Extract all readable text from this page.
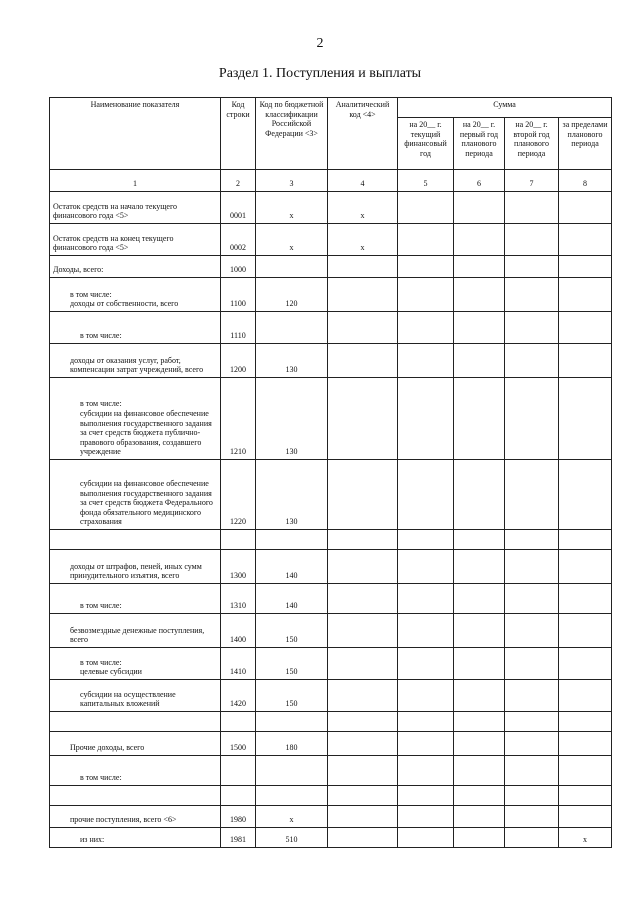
2
Раздел 1. Поступления и выплаты
Наименование показателя	Код строки	Код по бюджетной классификации Российской Федерации <3>	Аналитический код <4>	Сумма			
				на 20__ г. текущий финансовый год	на 20__ г. первый год планового периода	на 20__ г. второй год планового периода	за пределами планового периода
1	2	3	4	5	6	7	8

Остаток средств на начало текущего финансового года <5>	0001	х	х				

Остаток средств на конец текущего финансового года <5>	0002	х	х				

Доходы, всего:	1000						

в том числе:
доходы от собственности, всего	1100	120					

в том числе:	1110						

доходы от оказания услуг, работ, компенсации затрат учреждений, всего	1200	130					

в том числе:
субсидии на финансовое обеспечение выполнения государственного задания за счет средств бюджета публично-правового образования, создавшего учреждение	1210	130					

субсидии на финансовое обеспечение выполнения государственного задания за счет средств бюджета Федерального фонда обязательного медицинского страхования	1220	130					

доходы от штрафов, пеней, иных сумм принудительного изъятия, всего	1300	140					

в том числе:	1310	140					

безвозмездные денежные поступления, всего	1400	150					

в том числе:
целевые субсидии	1410	150					

субсидии на осуществление капитальных вложений	1420	150					

Прочие доходы, всего	1500	180					

в том числе:							

прочие поступления, всего <6>	1980	х					

из них:	1981	510					х
